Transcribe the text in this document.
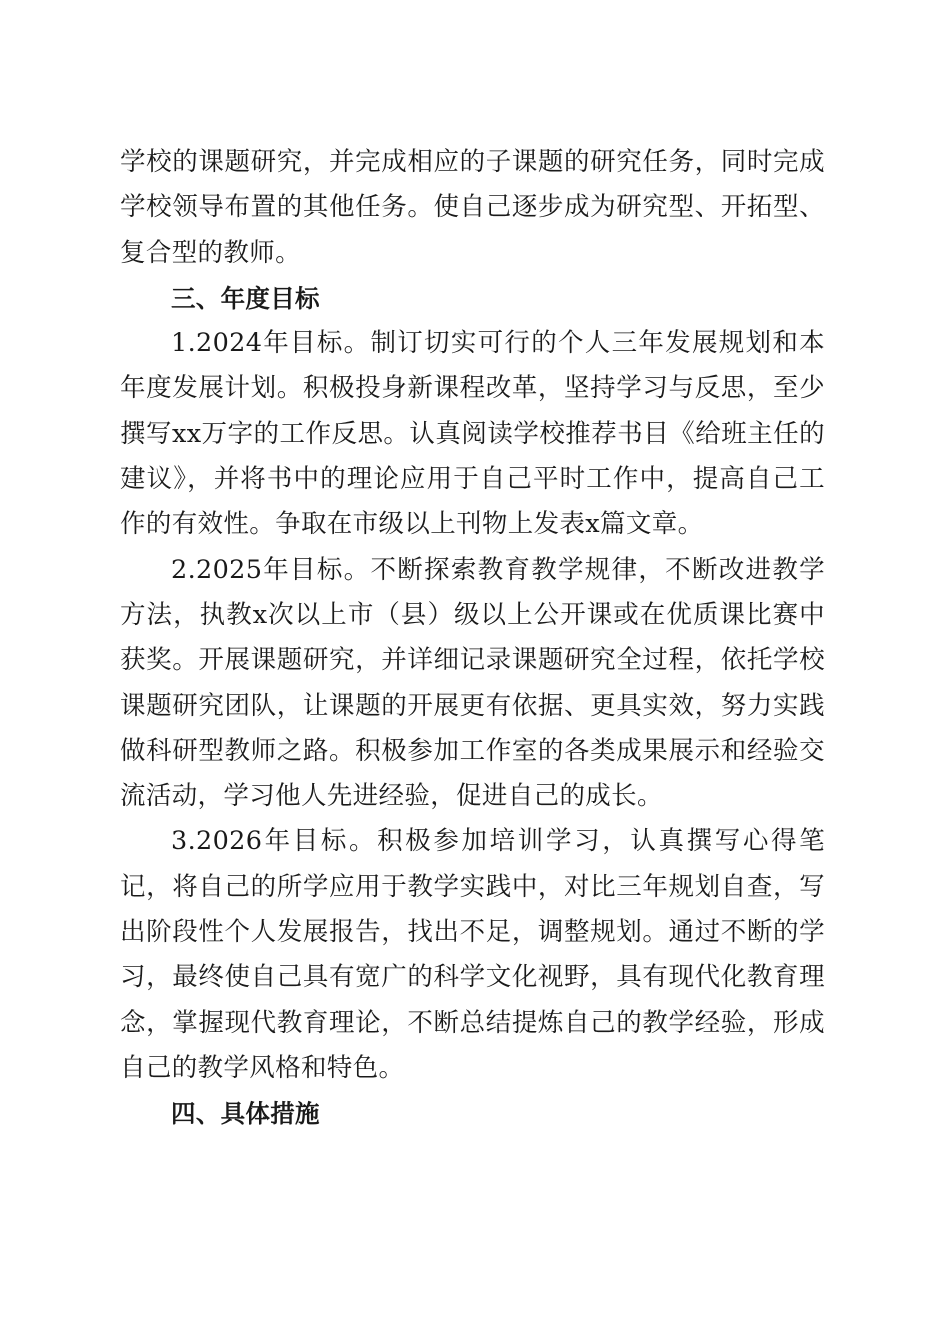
学校的课题研究，并完成相应的子课题的研究任务，同时完成学校领导布置的其他任务。使自己逐步成为研究型、开拓型、复合型的教师。

三、年度目标

1.2024年目标。制订切实可行的个人三年发展规划和本年度发展计划。积极投身新课程改革，坚持学习与反思，至少撰写xx万字的工作反思。认真阅读学校推荐书目《给班主任的建议》，并将书中的理论应用于自己平时工作中，提高自己工作的有效性。争取在市级以上刊物上发表x篇文章。

2.2025年目标。不断探索教育教学规律，不断改进教学方法，执教x次以上市（县）级以上公开课或在优质课比赛中获奖。开展课题研究，并详细记录课题研究全过程，依托学校课题研究团队，让课题的开展更有依据、更具实效，努力实践做科研型教师之路。积极参加工作室的各类成果展示和经验交流活动，学习他人先进经验，促进自己的成长。

3.2026年目标。积极参加培训学习，认真撰写心得笔记，将自己的所学应用于教学实践中，对比三年规划自查，写出阶段性个人发展报告，找出不足，调整规划。通过不断的学习，最终使自己具有宽广的科学文化视野，具有现代化教育理念，掌握现代教育理论，不断总结提炼自己的教学经验，形成自己的教学风格和特色。

四、具体措施
